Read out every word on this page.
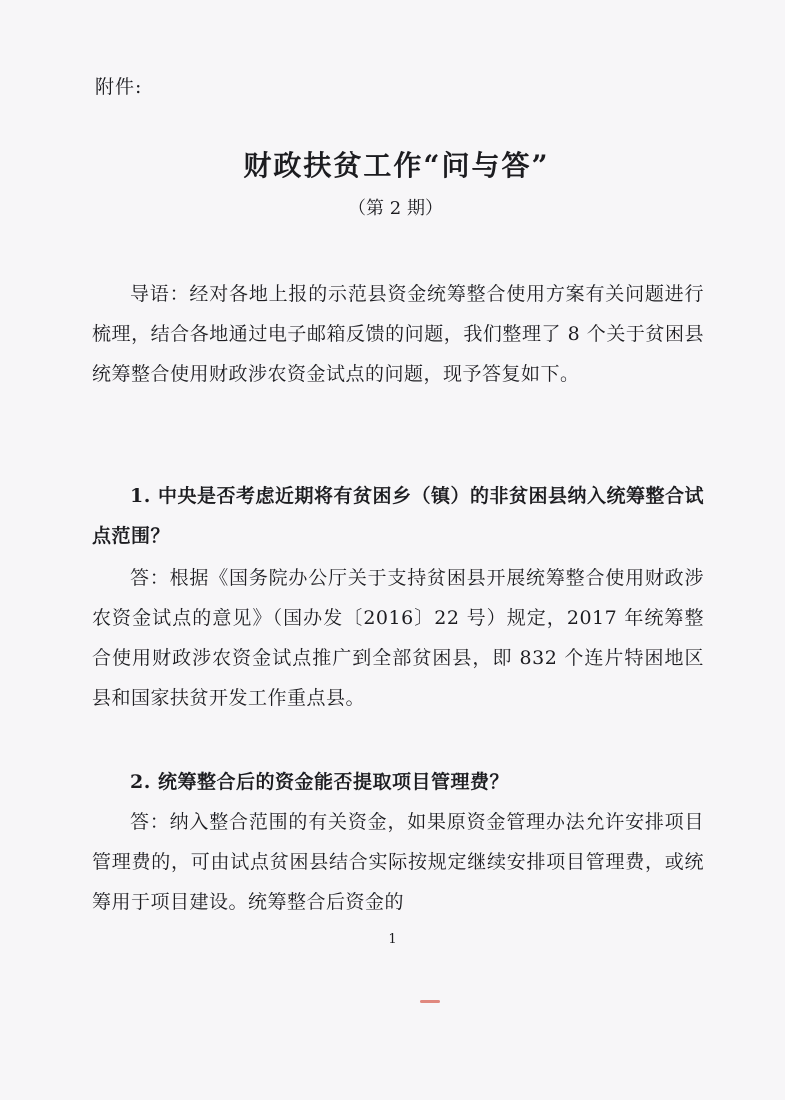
附件:
财政扶贫工作“问与答”
（第 2 期）

导语：经对各地上报的示范县资金统筹整合使用方案有关问题进行梳理，结合各地通过电子邮箱反馈的问题，我们整理了 8 个关于贫困县统筹整合使用财政涉农资金试点的问题，现予答复如下。

1. 中央是否考虑近期将有贫困乡（镇）的非贫困县纳入统筹整合试点范围？

答：根据《国务院办公厅关于支持贫困县开展统筹整合使用财政涉农资金试点的意见》（国办发〔2016〕22 号）规定，2017 年统筹整合使用财政涉农资金试点推广到全部贫困县，即 832 个连片特困地区县和国家扶贫开发工作重点县。

2. 统筹整合后的资金能否提取项目管理费？

答：纳入整合范围的有关资金，如果原资金管理办法允许安排项目管理费的，可由试点贫困县结合实际按规定继续安排项目管理费，或统筹用于项目建设。统筹整合后资金的

1
